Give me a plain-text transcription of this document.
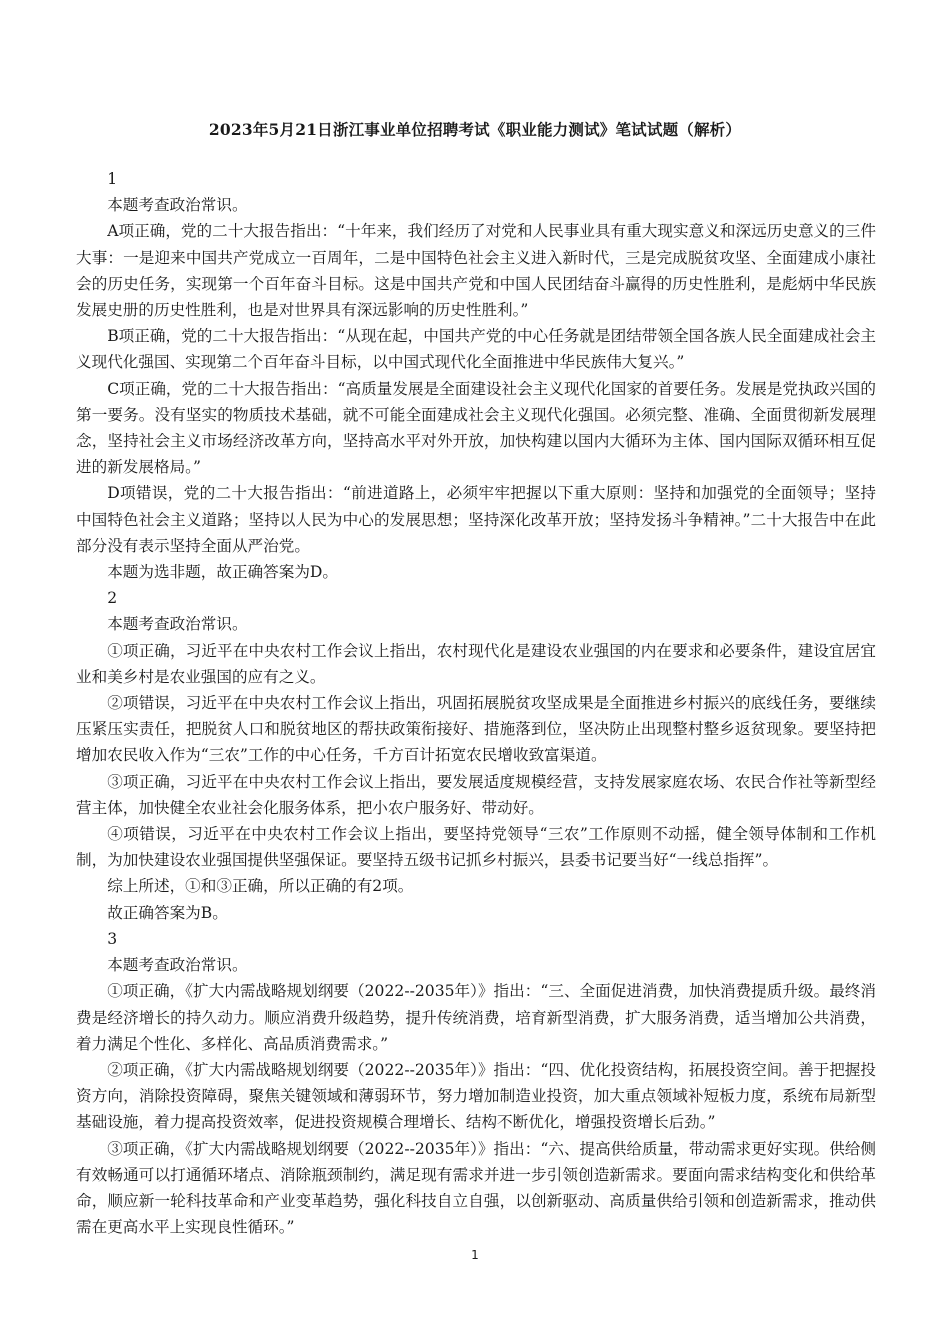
2023年5月21日浙江事业单位招聘考试《职业能力测试》笔试试题（解析）

1

本题考查政治常识。

A项正确，党的二十大报告指出：“十年来，我们经历了对党和人民事业具有重大现实意义和深远历史意义的三件大事：一是迎来中国共产党成立一百周年，二是中国特色社会主义进入新时代，三是完成脱贫攻坚、全面建成小康社会的历史任务，实现第一个百年奋斗目标。这是中国共产党和中国人民团结奋斗赢得的历史性胜利，是彪炳中华民族发展史册的历史性胜利，也是对世界具有深远影响的历史性胜利。”

B项正确，党的二十大报告指出：“从现在起，中国共产党的中心任务就是团结带领全国各族人民全面建成社会主义现代化强国、实现第二个百年奋斗目标，以中国式现代化全面推进中华民族伟大复兴。”

C项正确，党的二十大报告指出：“高质量发展是全面建设社会主义现代化国家的首要任务。发展是党执政兴国的第一要务。没有坚实的物质技术基础，就不可能全面建成社会主义现代化强国。必须完整、准确、全面贯彻新发展理念，坚持社会主义市场经济改革方向，坚持高水平对外开放，加快构建以国内大循环为主体、国内国际双循环相互促进的新发展格局。”

D项错误，党的二十大报告指出：“前进道路上，必须牢牢把握以下重大原则：坚持和加强党的全面领导；坚持中国特色社会主义道路；坚持以人民为中心的发展思想；坚持深化改革开放；坚持发扬斗争精神。”二十大报告中在此部分没有表示坚持全面从严治党。

本题为选非题，故正确答案为D。

2

本题考查政治常识。

①项正确，习近平在中央农村工作会议上指出，农村现代化是建设农业强国的内在要求和必要条件，建设宜居宜业和美乡村是农业强国的应有之义。

②项错误，习近平在中央农村工作会议上指出，巩固拓展脱贫攻坚成果是全面推进乡村振兴的底线任务，要继续压紧压实责任，把脱贫人口和脱贫地区的帮扶政策衔接好、措施落到位，坚决防止出现整村整乡返贫现象。要坚持把增加农民收入作为“三农”工作的中心任务，千方百计拓宽农民增收致富渠道。

③项正确，习近平在中央农村工作会议上指出，要发展适度规模经营，支持发展家庭农场、农民合作社等新型经营主体，加快健全农业社会化服务体系，把小农户服务好、带动好。

④项错误，习近平在中央农村工作会议上指出，要坚持党领导“三农”工作原则不动摇，健全领导体制和工作机制，为加快建设农业强国提供坚强保证。要坚持五级书记抓乡村振兴，县委书记要当好“一线总指挥”。

综上所述，①和③正确，所以正确的有2项。

故正确答案为B。

3

本题考查政治常识。

①项正确，《扩大内需战略规划纲要（2022--2035年）》指出：“三、全面促进消费，加快消费提质升级。最终消费是经济增长的持久动力。顺应消费升级趋势，提升传统消费，培育新型消费，扩大服务消费，适当增加公共消费，着力满足个性化、多样化、高品质消费需求。”

②项正确，《扩大内需战略规划纲要（2022--2035年）》指出：“四、优化投资结构，拓展投资空间。善于把握投资方向，消除投资障碍，聚焦关键领域和薄弱环节，努力增加制造业投资，加大重点领域补短板力度，系统布局新型基础设施，着力提高投资效率，促进投资规模合理增长、结构不断优化，增强投资增长后劲。”

③项正确，《扩大内需战略规划纲要（2022--2035年）》指出：“六、提高供给质量，带动需求更好实现。供给侧有效畅通可以打通循环堵点、消除瓶颈制约，满足现有需求并进一步引领创造新需求。要面向需求结构变化和供给革命，顺应新一轮科技革命和产业变革趋势，强化科技自立自强，以创新驱动、高质量供给引领和创造新需求，推动供需在更高水平上实现良性循环。”

1
